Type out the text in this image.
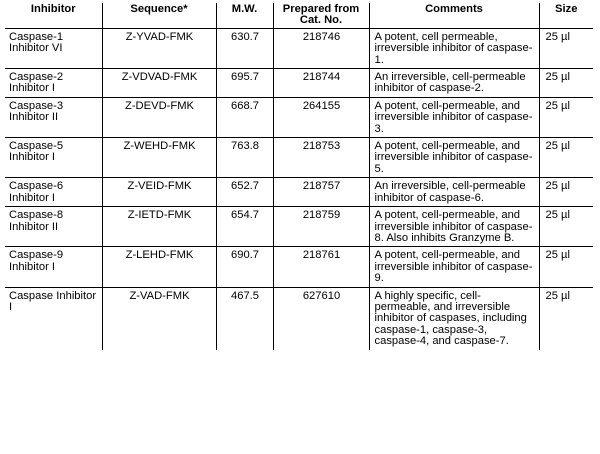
Inhibitor	Sequence*	M.W.	Prepared from Cat. No.	Comments	Size
Caspase-1 Inhibitor VI	Z-YVAD-FMK	630.7	218746	A potent, cell permeable, irreversible inhibitor of caspase-1.	25 µl
Caspase-2 Inhibitor I	Z-VDVAD-FMK	695.7	218744	An irreversible, cell-permeable inhibitor of caspase-2.	25 µl
Caspase-3 Inhibitor II	Z-DEVD-FMK	668.7	264155	A potent, cell-permeable, and irreversible inhibitor of caspase-3.	25 µl
Caspase-5 Inhibitor I	Z-WEHD-FMK	763.8	218753	A potent, cell-permeable, and irreversible inhibitor of caspase-5.	25 µl
Caspase-6 Inhibitor I	Z-VEID-FMK	652.7	218757	An irreversible, cell-permeable inhibitor of caspase-6.	25 µl
Caspase-8 Inhibitor II	Z-IETD-FMK	654.7	218759	A potent, cell-permeable, and irreversible inhibitor of caspase-8. Also inhibits Granzyme B.	25 µl
Caspase-9 Inhibitor I	Z-LEHD-FMK	690.7	218761	A potent, cell-permeable, and irreversible inhibitor of caspase-9.	25 µl
Caspase Inhibitor I	Z-VAD-FMK	467.5	627610	A highly specific, cell-permeable, and irreversible inhibitor of caspases, including caspase-1, caspase-3, caspase-4, and caspase-7.	25 µl
